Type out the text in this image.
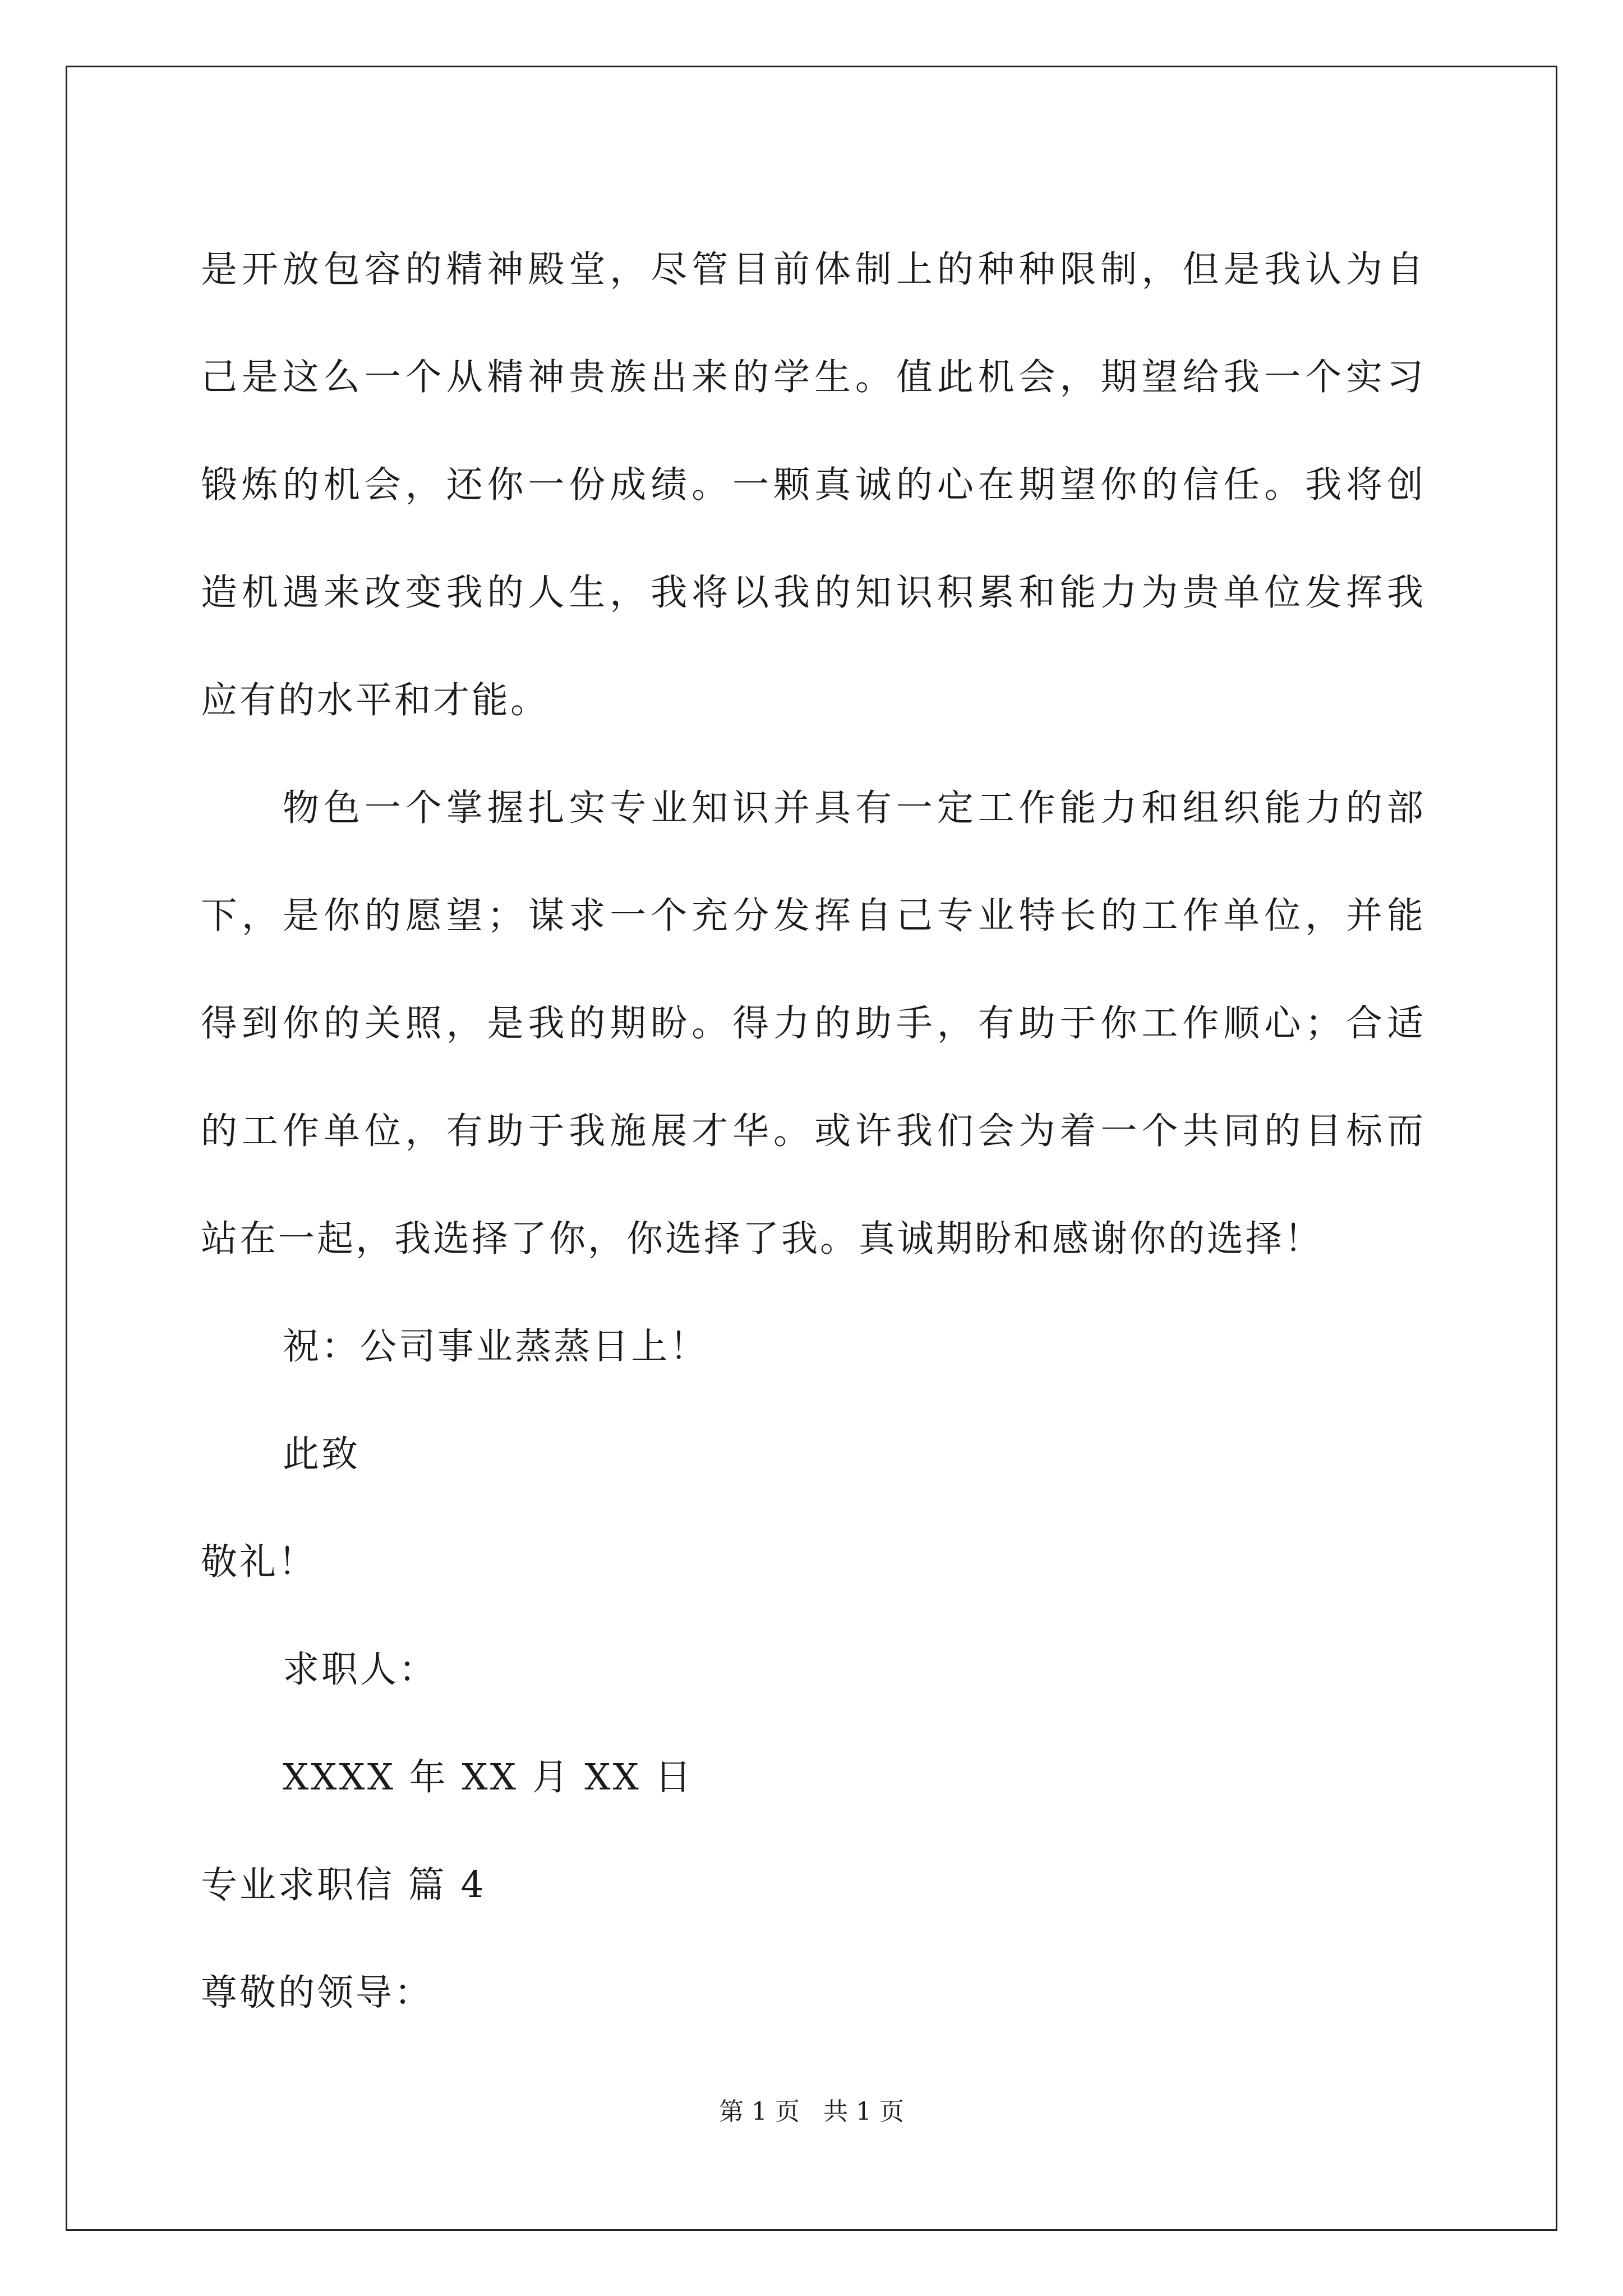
是开放包容的精神殿堂，尽管目前体制上的种种限制，但是我认为自
己是这么一个从精神贵族出来的学生。值此机会，期望给我一个实习
锻炼的机会，还你一份成绩。一颗真诚的心在期望你的信任。我将创
造机遇来改变我的人生，我将以我的知识积累和能力为贵单位发挥我
应有的水平和才能。
物色一个掌握扎实专业知识并具有一定工作能力和组织能力的部
下，是你的愿望；谋求一个充分发挥自己专业特长的工作单位，并能
得到你的关照，是我的期盼。得力的助手，有助于你工作顺心；合适
的工作单位，有助于我施展才华。或许我们会为着一个共同的目标而
站在一起，我选择了你，你选择了我。真诚期盼和感谢你的选择！

祝：公司事业蒸蒸日上！

此致

敬礼！

求职人：

XXXX 年 XX 月 XX 日

专业求职信 篇 4

尊敬的领导：

第 1 页   共 1 页
